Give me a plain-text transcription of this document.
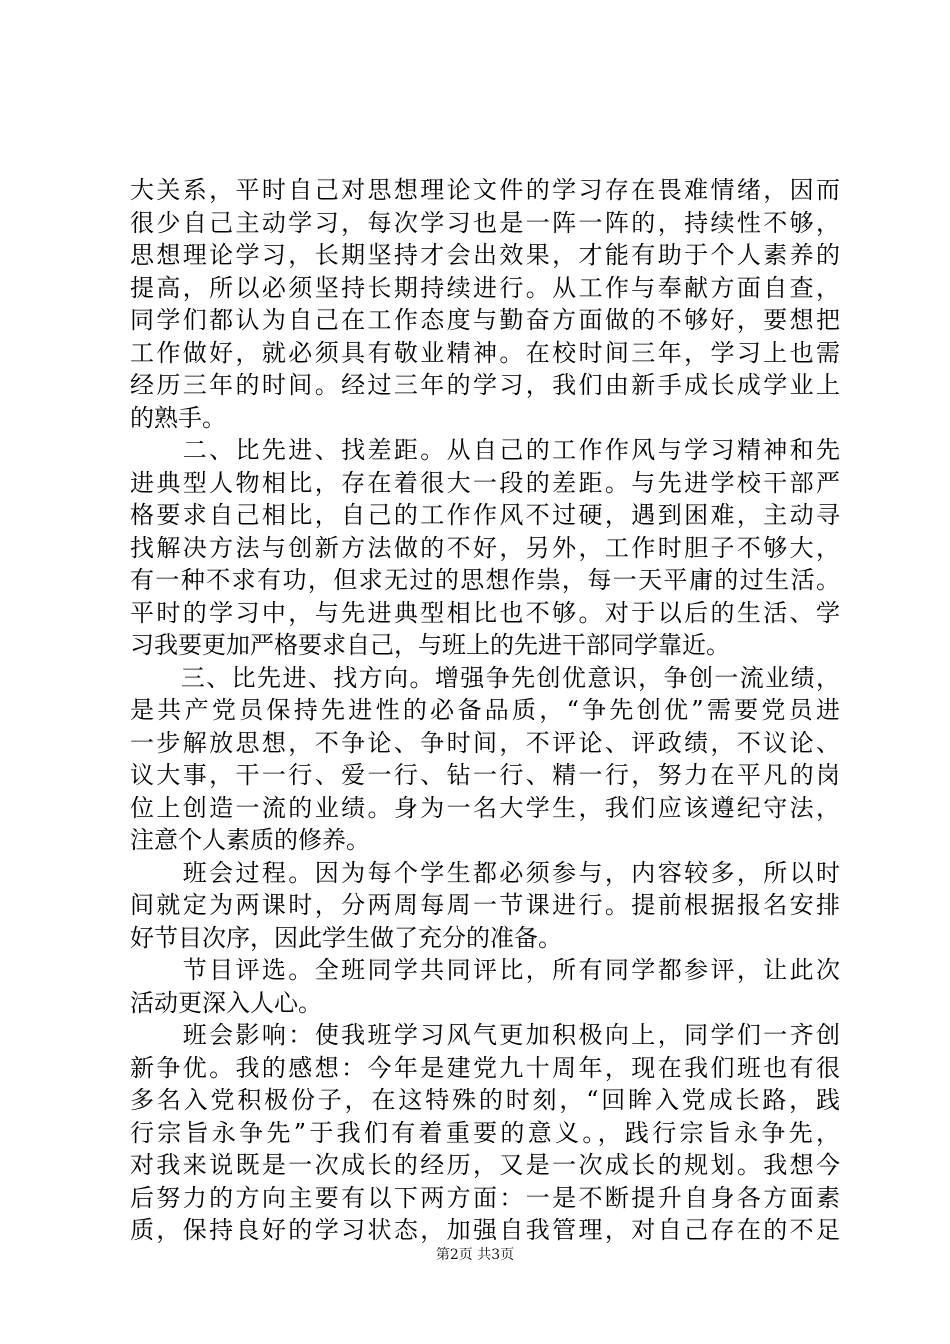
大关系，平时自己对思想理论文件的学习存在畏难情绪，因而
很少自己主动学习，每次学习也是一阵一阵的，持续性不够，
思想理论学习，长期坚持才会出效果，才能有助于个人素养的
提高，所以必须坚持长期持续进行。从工作与奉献方面自查，
同学们都认为自己在工作态度与勤奋方面做的不够好，要想把
工作做好，就必须具有敬业精神。在校时间三年，学习上也需
经历三年的时间。经过三年的学习，我们由新手成长成学业上
的熟手。
　　二、比先进、找差距。从自己的工作作风与学习精神和先
进典型人物相比，存在着很大一段的差距。与先进学校干部严
格要求自己相比，自己的工作作风不过硬，遇到困难，主动寻
找解决方法与创新方法做的不好，另外，工作时胆子不够大，
有一种不求有功，但求无过的思想作祟，每一天平庸的过生活。
平时的学习中，与先进典型相比也不够。对于以后的生活、学
习我要更加严格要求自己，与班上的先进干部同学靠近。
　　三、比先进、找方向。增强争先创优意识，争创一流业绩，
是共产党员保持先进性的必备品质，“争先创优”需要党员进
一步解放思想，不争论、争时间，不评论、评政绩，不议论、
议大事，干一行、爱一行、钻一行、精一行，努力在平凡的岗
位上创造一流的业绩。身为一名大学生，我们应该遵纪守法，
注意个人素质的修养。
　　班会过程。因为每个学生都必须参与，内容较多，所以时
间就定为两课时，分两周每周一节课进行。提前根据报名安排
好节目次序，因此学生做了充分的准备。
　　节目评选。全班同学共同评比，所有同学都参评，让此次
活动更深入人心。
　　班会影响：使我班学习风气更加积极向上，同学们一齐创
新争优。我的感想：今年是建党九十周年，现在我们班也有很
多名入党积极份子，在这特殊的时刻，“回眸入党成长路，践
行宗旨永争先”于我们有着重要的意义。，践行宗旨永争先，
对我来说既是一次成长的经历，又是一次成长的规划。我想今
后努力的方向主要有以下两方面：一是不断提升自身各方面素
质，保持良好的学习状态，加强自我管理，对自己存在的不足
第2页 共3页
